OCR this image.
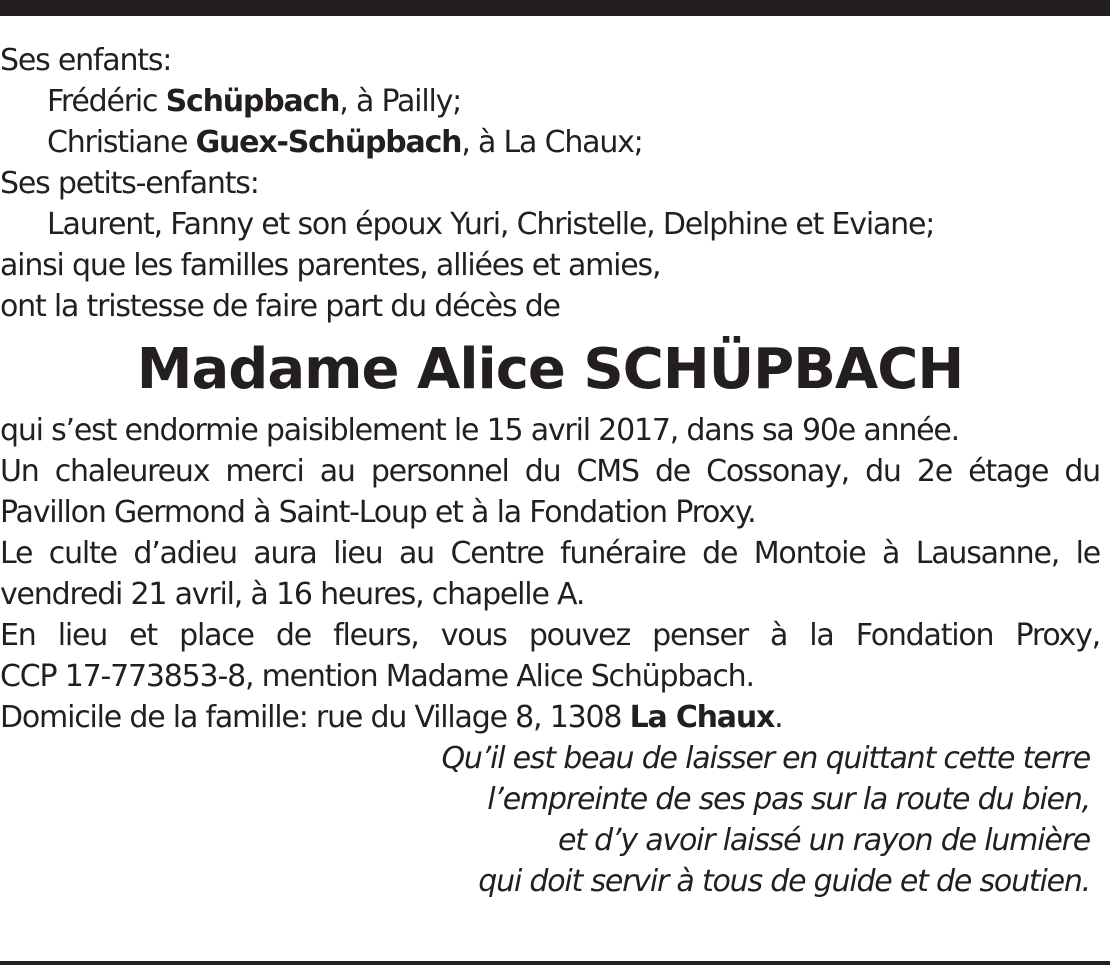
Ses enfants:
Frédéric Schüpbach, à Pailly;
Christiane Guex-Schüpbach, à La Chaux;
Ses petits-enfants:
Laurent, Fanny et son époux Yuri, Christelle, Delphine et Eviane;
ainsi que les familles parentes, alliées et amies,
ont la tristesse de faire part du décès de
Madame Alice SCHÜPBACH
qui s’est endormie paisiblement le 15 avril 2017, dans sa 90e année.
Un chaleureux merci au personnel du CMS de Cossonay, du 2e étage du
Pavillon Germond à Saint-Loup et à la Fondation Proxy.
Le culte d’adieu aura lieu au Centre funéraire de Montoie à Lausanne, le
vendredi 21 avril, à 16 heures, chapelle A.
En lieu et place de fleurs, vous pouvez penser à la Fondation Proxy,
CCP 17-773853-8, mention Madame Alice Schüpbach.
Domicile de la famille: rue du Village 8, 1308 La Chaux.
Qu’il est beau de laisser en quittant cette terre
l’empreinte de ses pas sur la route du bien,
et d’y avoir laissé un rayon de lumière
qui doit servir à tous de guide et de soutien.
